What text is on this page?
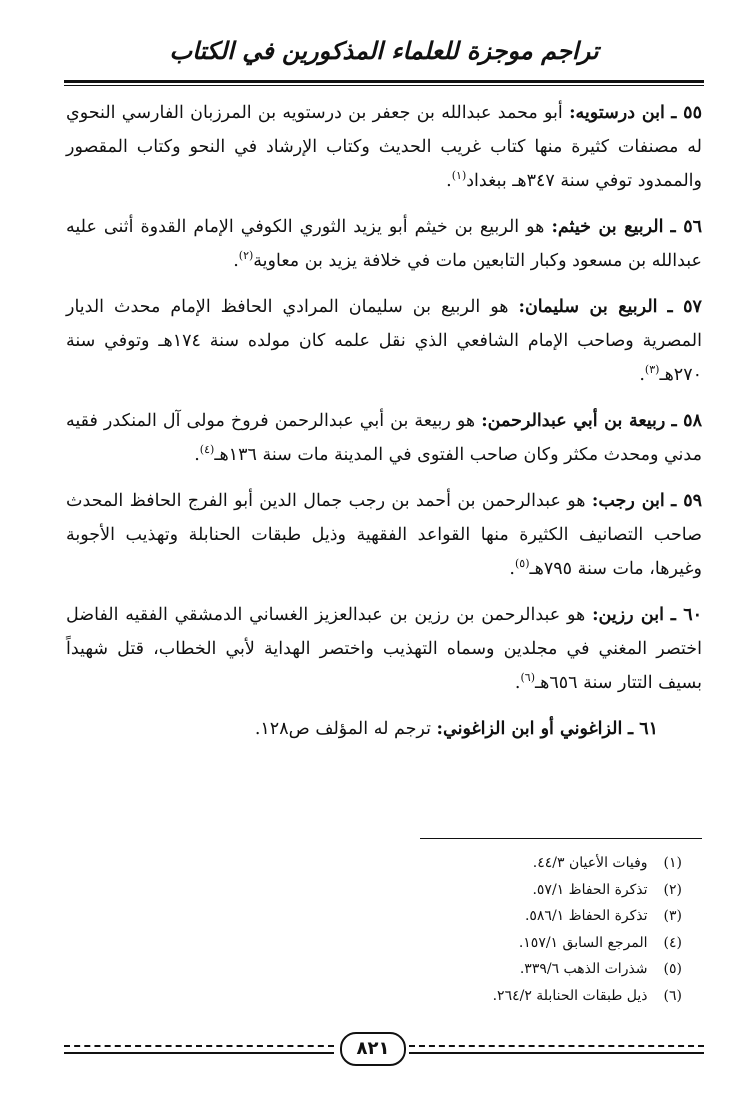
تراجم موجزة للعلماء المذكورين في الكتاب

٥٥ ـ ابن درستويه: أبو محمد عبدالله بن جعفر بن درستويه بن المرزبان الفارسي النحوي له مصنفات كثيرة منها كتاب غريب الحديث وكتاب الإرشاد في النحو وكتاب المقصور والممدود توفي سنة ٣٤٧هـ ببغداد$^{(١)}$.

٥٦ ـ الربيع بن خيثم: هو الربيع بن خيثم أبو يزيد الثوري الكوفي الإمام القدوة أثنى عليه عبدالله بن مسعود وكبار التابعين مات في خلافة يزيد بن معاوية$^{(٢)}$.

٥٧ ـ الربيع بن سليمان: هو الربيع بن سليمان المرادي الحافظ الإمام محدث الديار المصرية وصاحب الإمام الشافعي الذي نقل علمه كان مولده سنة ١٧٤هـ وتوفي سنة ٢٧٠هـ$^{(٣)}$.

٥٨ ـ ربيعة بن أبي عبدالرحمن: هو ربيعة بن أبي عبدالرحمن فروخ مولى آل المنكدر فقيه مدني ومحدث مكثر وكان صاحب الفتوى في المدينة مات سنة ١٣٦هـ$^{(٤)}$.

٥٩ ـ ابن رجب: هو عبدالرحمن بن أحمد بن رجب جمال الدين أبو الفرج الحافظ المحدث صاحب التصانيف الكثيرة منها القواعد الفقهية وذيل طبقات الحنابلة وتهذيب الأجوبة وغيرها، مات سنة ٧٩٥هـ$^{(٥)}$.

٦٠ ـ ابن رزين: هو عبدالرحمن بن رزين بن عبدالعزيز الغساني الدمشقي الفقيه الفاضل اختصر المغني في مجلدين وسماه التهذيب واختصر الهداية لأبي الخطاب، قتل شهيداً بسيف التتار سنة ٦٥٦هـ$^{(٦)}$.

٦١ ـ الزاغوني أو ابن الزاغوني: ترجم له المؤلف ص١٢٨.

(١) وفيات الأعيان ٤٤/٣.
(٢) تذكرة الحفاظ ٥٧/١.
(٣) تذكرة الحفاظ ٥٨٦/١.
(٤) المرجع السابق ١٥٧/١.
(٥) شذرات الذهب ٣٣٩/٦.
(٦) ذيل طبقات الحنابلة ٢٦٤/٢.
٨٢١
